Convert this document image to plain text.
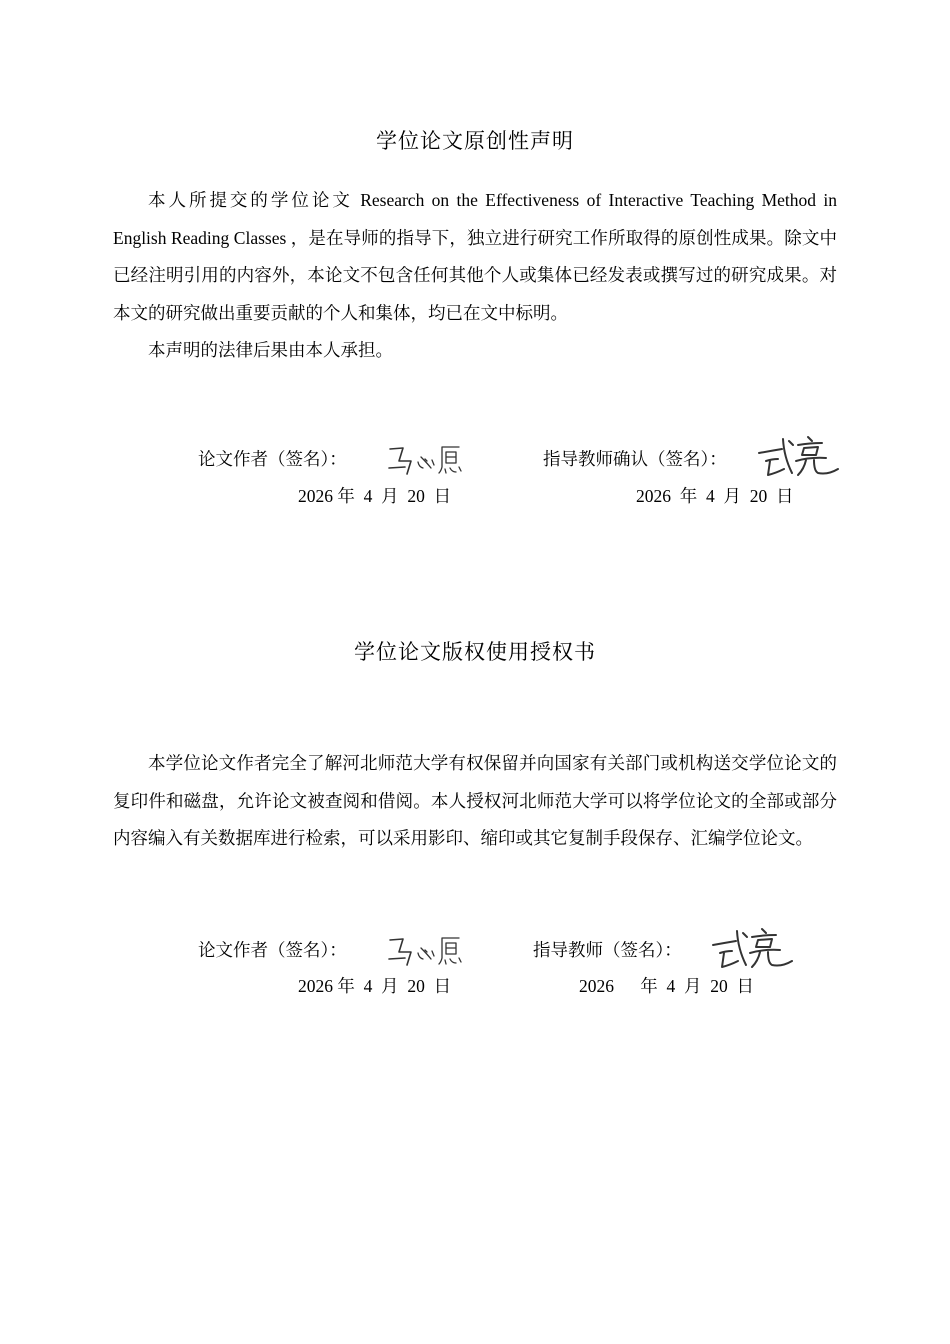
学位论文原创性声明

本人所提交的学位论文 Research on the Effectiveness of Interactive Teaching Method in English Reading Classes ，是在导师的指导下，独立进行研究工作所取得的原创性成果。除文中已经注明引用的内容外，本论文不包含任何其他个人或集体已经发表或撰写过的研究成果。对本文的研究做出重要贡献的个人和集体，均已在文中标明。

本声明的法律后果由本人承担。

论文作者（签名）：
2026 年  4  月  20  日
指导教师确认（签名）：
2026  年  4  月  20  日
学位论文版权使用授权书

本学位论文作者完全了解河北师范大学有权保留并向国家有关部门或机构送交学位论文的复印件和磁盘，允许论文被查阅和借阅。本人授权河北师范大学可以将学位论文的全部或部分内容编入有关数据库进行检索，可以采用影印、缩印或其它复制手段保存、汇编学位论文。

论文作者（签名）：
2026 年  4  月  20  日
指导教师（签名）：
2026      年  4  月  20  日
